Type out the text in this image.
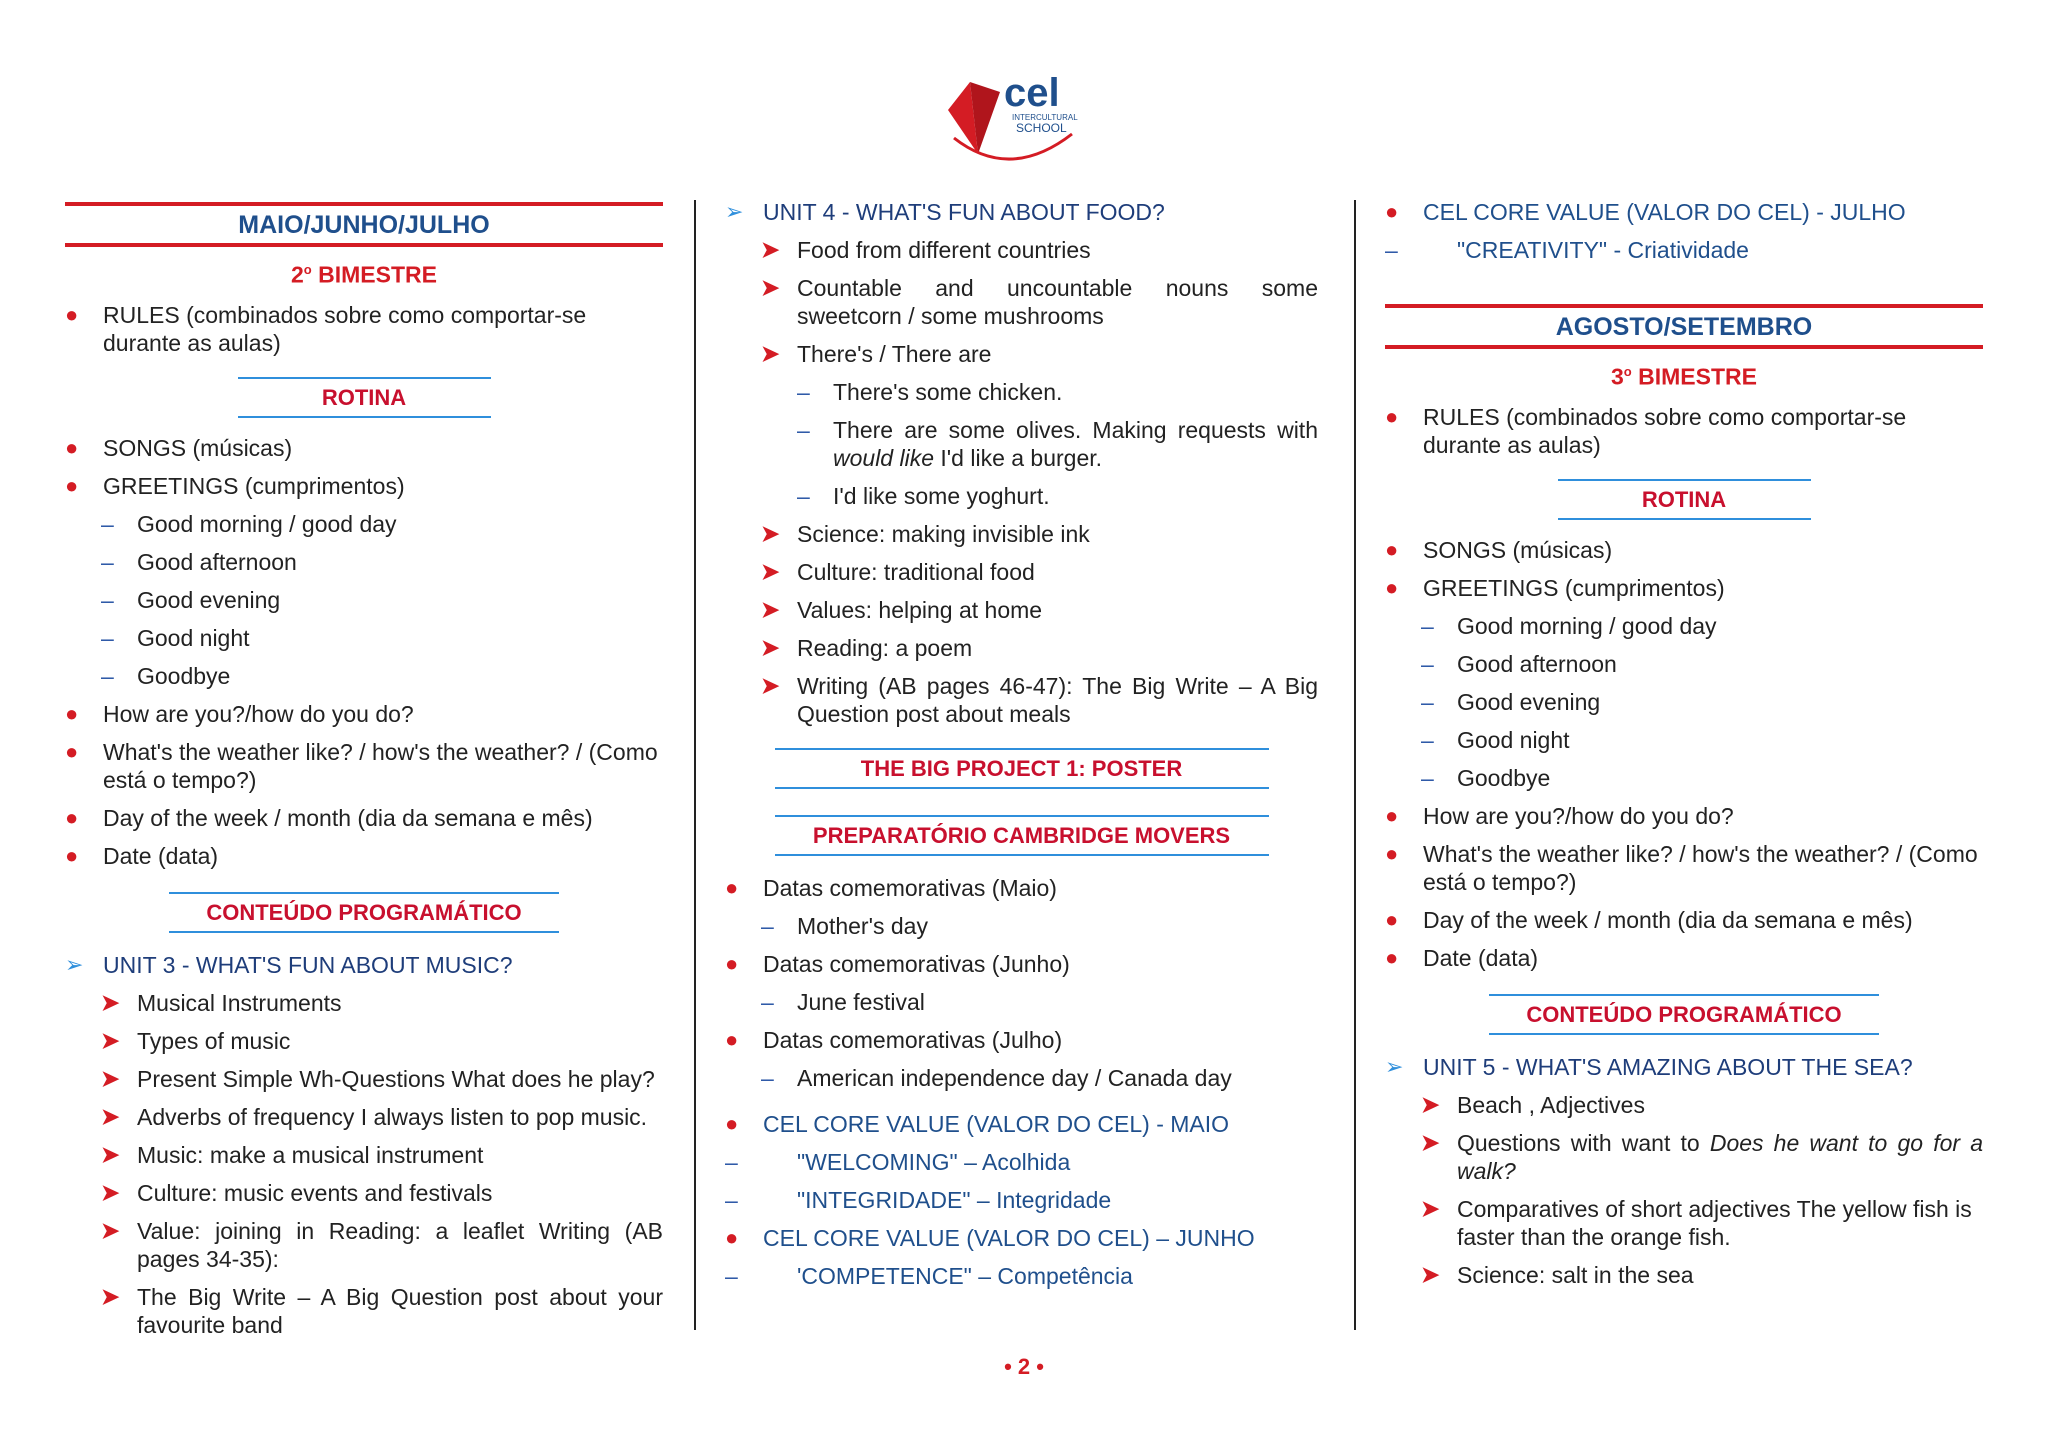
cel
INTERCULTURAL
SCHOOL
MAIO/JUNHO/JULHO
2$^o$ BIMESTRE
●	RULES (combinados sobre como comportar-se durante as aulas)
ROTINA
●	SONGS (músicas)
●	GREETINGS (cumprimentos)
–	Good morning / good day
–	Good afternoon
–	Good evening
–	Good night
–	Goodbye
●	How are you?/how do you do?
●	What's the weather like? / how's the weather? / (Como está o tempo?)
●	Day of the week / month (dia da semana e mês)
●	Date (data)
CONTEÚDO PROGRAMÁTICO
➢ UNIT 3 - WHAT'S FUN ABOUT MUSIC?
➤ Musical Instruments
➤ Types of music
➤ Present Simple Wh-Questions What does he play?
➤ Adverbs of frequency I always listen to pop music.
➤ Music: make a musical instrument
➤ Culture: music events and festivals
➤ Value: joining in Reading: a leaflet Writing (AB pages 34-35):
➤ The Big Write – A Big Question post about your favourite band
➢ UNIT 4 - WHAT'S FUN ABOUT FOOD?
➤ Food from different countries
➤ Countable and uncountable nouns some sweetcorn / some mushrooms
➤ There's / There are
–	There's some chicken.
–	There are some olives. Making requests with would like I'd like a burger.
–	I'd like some yoghurt.
➤ Science: making invisible ink
➤ Culture: traditional food
➤ Values: helping at home
➤ Reading: a poem
➤ Writing (AB pages 46-47): The Big Write – A Big Question post about meals
THE BIG PROJECT 1: POSTER
PREPARATÓRIO CAMBRIDGE MOVERS
●	Datas comemorativas (Maio)
–	Mother's day
●	Datas comemorativas (Junho)
–	June festival
●	Datas comemorativas (Julho)
–	American independence day / Canada day
●	CEL CORE VALUE (VALOR DO CEL) - MAIO
–	"WELCOMING" – Acolhida
–	"INTEGRIDADE" – Integridade
●	CEL CORE VALUE (VALOR DO CEL) – JUNHO
–	'COMPETENCE" – Competência
●	CEL CORE VALUE (VALOR DO CEL) - JULHO
–	"CREATIVITY" - Criatividade
AGOSTO/SETEMBRO
3$^o$ BIMESTRE
●	RULES (combinados sobre como comportar-se durante as aulas)
ROTINA
●	SONGS (músicas)
●	GREETINGS (cumprimentos)
–	Good morning / good day
–	Good afternoon
–	Good evening
–	Good night
–	Goodbye
●	How are you?/how do you do?
●	What's the weather like? / how's the weather? / (Como está o tempo?)
●	Day of the week / month (dia da semana e mês)
●	Date (data)
CONTEÚDO PROGRAMÁTICO
➢ UNIT 5 - WHAT'S AMAZING ABOUT THE SEA?
➤ Beach , Adjectives
➤ Questions with want to Does he want to go for a walk?
➤ Comparatives of short adjectives The yellow fish is faster than the orange fish.
➤ Science: salt in the sea
• 2 •
